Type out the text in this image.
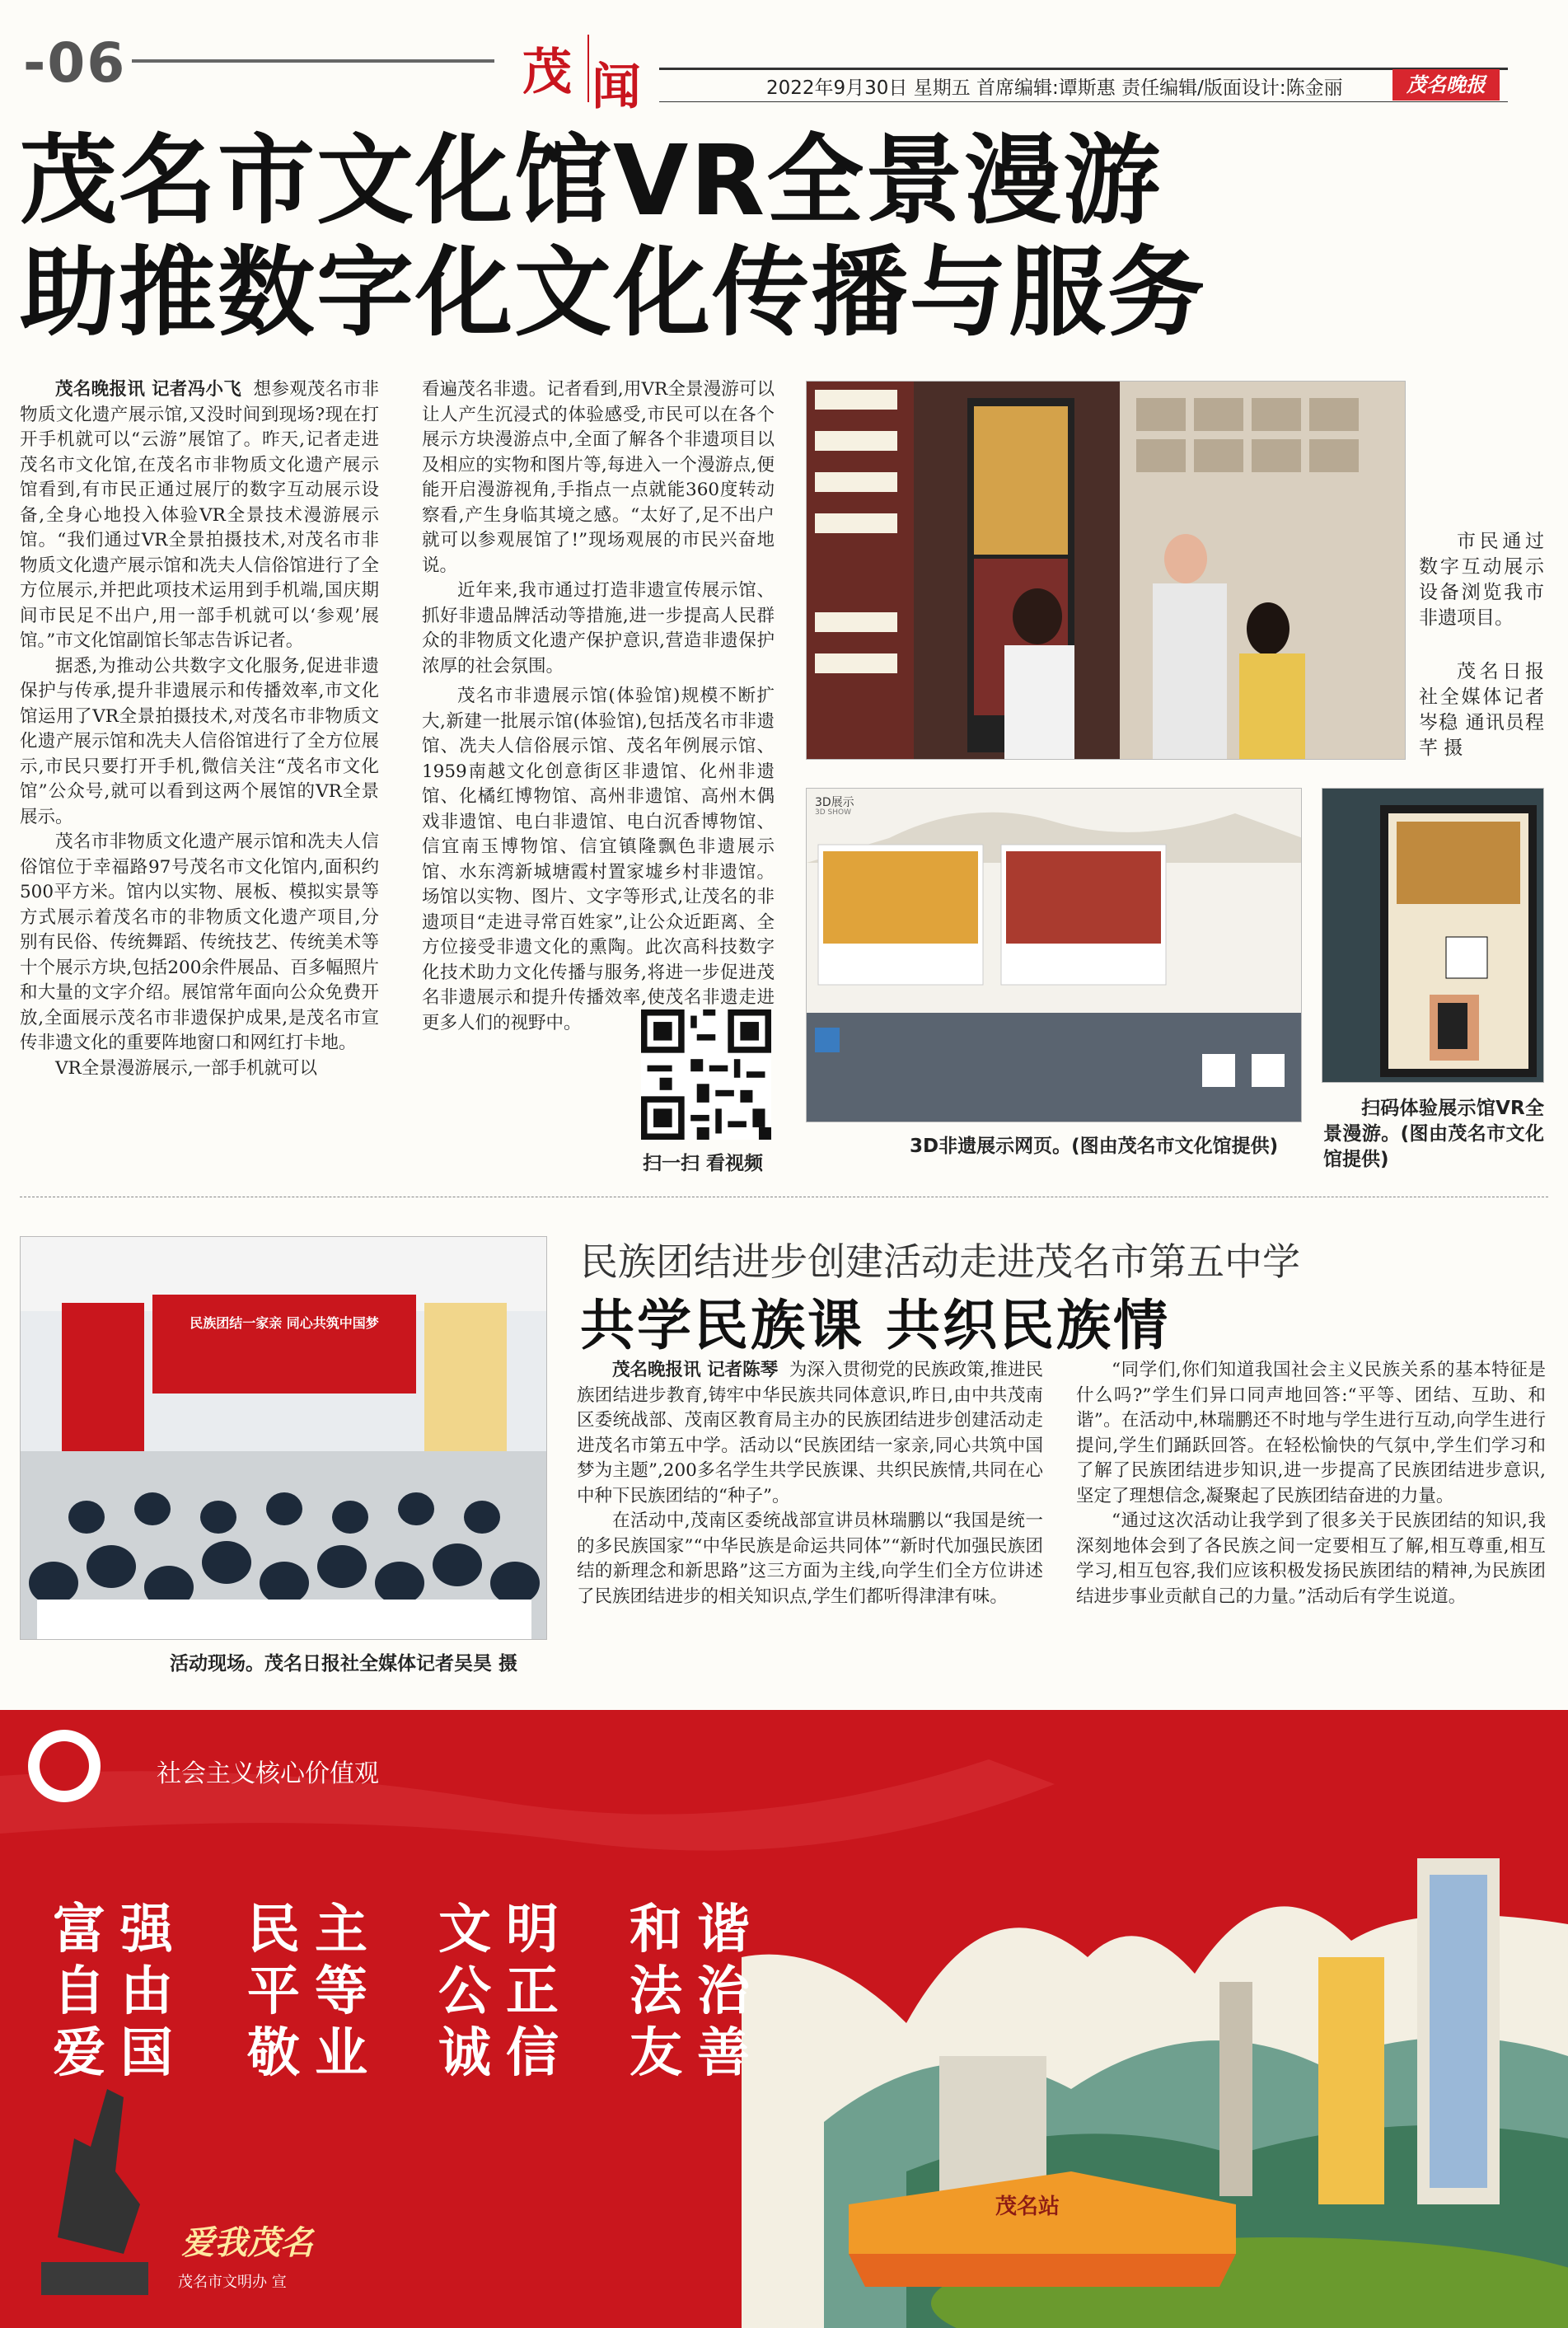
-06	茂 闻	2022年9月30日 星期五 首席编辑:谭斯惠 责任编辑/版面设计:陈金丽	茂名晚报
茂名市文化馆VR全景漫游
助推数字化文化传播与服务

茂名晚报讯 记者冯小飞 想参观茂名市非物质文化遗产展示馆,又没时间到现场?现在打开手机就可以“云游”展馆了。昨天,记者走进茂名市文化馆,在茂名市非物质文化遗产展示馆看到,有市民正通过展厅的数字互动展示设备,全身心地投入体验VR全景技术漫游展示馆。“我们通过VR全景拍摄技术,对茂名市非物质文化遗产展示馆和冼夫人信俗馆进行了全方位展示,并把此项技术运用到手机端,国庆期间市民足不出户,用一部手机就可以‘参观’展馆。”市文化馆副馆长邹志告诉记者。

据悉,为推动公共数字文化服务,促进非遗保护与传承,提升非遗展示和传播效率,市文化馆运用了VR全景拍摄技术,对茂名市非物质文化遗产展示馆和冼夫人信俗馆进行了全方位展示,市民只要打开手机,微信关注“茂名市文化馆”公众号,就可以看到这两个展馆的VR全景展示。

茂名市非物质文化遗产展示馆和冼夫人信俗馆位于幸福路97号茂名市文化馆内,面积约500平方米。馆内以实物、展板、模拟实景等方式展示着茂名市的非物质文化遗产项目,分别有民俗、传统舞蹈、传统技艺、传统美术等十个展示方块,包括200余件展品、百多幅照片和大量的文字介绍。展馆常年面向公众免费开放,全面展示茂名市非遗保护成果,是茂名市宣传非遗文化的重要阵地窗口和网红打卡地。

VR全景漫游展示,一部手机就可以

看遍茂名非遗。记者看到,用VR全景漫游可以让人产生沉浸式的体验感受,市民可以在各个展示方块漫游点中,全面了解各个非遗项目以及相应的实物和图片等,每进入一个漫游点,便能开启漫游视角,手指点一点就能360度转动察看,产生身临其境之感。“太好了,足不出户就可以参观展馆了!”现场观展的市民兴奋地说。

近年来,我市通过打造非遗宣传展示馆、抓好非遗品牌活动等措施,进一步提高人民群众的非物质文化遗产保护意识,营造非遗保护浓厚的社会氛围。

茂名市非遗展示馆(体验馆)规模不断扩大,新建一批展示馆(体验馆),包括茂名市非遗馆、冼夫人信俗展示馆、茂名年例展示馆、1959南越文化创意街区非遗馆、化州非遗馆、化橘红博物馆、高州非遗馆、高州木偶戏非遗馆、电白非遗馆、电白沉香博物馆、信宜南玉博物馆、信宜镇隆飘色非遗展示馆、水东湾新城塘霞村置家墟乡村非遗馆。场馆以实物、图片、文字等形式,让茂名的非遗项目“走进寻常百姓家”,让公众近距离、全方位接受非遗文化的熏陶。此次高科技数字化技术助力文化传播与服务,将进一步促进茂名非遗展示和提升传播效率,使茂名非遗走进更多人们的视野中。

扫一扫 看视频
市民通过数字互动展示设备浏览我市非遗项目。
茂名日报社全媒体记者岑稳 通讯员程芊 摄
3D展示
3D SHOW
3D非遗展示网页。(图由茂名市文化馆提供)
扫码体验展示馆VR全景漫游。(图由茂名市文化馆提供)
民族团结一家亲 同心共筑中国梦
活动现场。茂名日报社全媒体记者吴昊 摄
民族团结进步创建活动走进茂名市第五中学
共学民族课 共织民族情

茂名晚报讯 记者陈琴 为深入贯彻党的民族政策,推进民族团结进步教育,铸牢中华民族共同体意识,昨日,由中共茂南区委统战部、茂南区教育局主办的民族团结进步创建活动走进茂名市第五中学。活动以“民族团结一家亲,同心共筑中国梦为主题”,200多名学生共学民族课、共织民族情,共同在心中种下民族团结的“种子”。

在活动中,茂南区委统战部宣讲员林瑞鹏以“我国是统一的多民族国家”“中华民族是命运共同体”“新时代加强民族团结的新理念和新思路”这三方面为主线,向学生们全方位讲述了民族团结进步的相关知识点,学生们都听得津津有味。

“同学们,你们知道我国社会主义民族关系的基本特征是什么吗?”学生们异口同声地回答:“平等、团结、互助、和谐”。在活动中,林瑞鹏还不时地与学生进行互动,向学生进行提问,学生们踊跃回答。在轻松愉快的气氛中,学生们学习和了解了民族团结进步知识,进一步提高了民族团结进步意识,坚定了理想信念,凝聚起了民族团结奋进的力量。

“通过这次活动让我学到了很多关于民族团结的知识,我深刻地体会到了各民族之间一定要相互了解,相互尊重,相互学习,相互包容,我们应该积极发扬民族团结的精神,为民族团结进步事业贡献自己的力量。”活动后有学生说道。

社会主义核心价值观
富强 民主 文明 和谐
自由 平等 公正 法治
爱国 敬业 诚信 友善
爱我茂名
茂名市文明办 宣
茂名站
